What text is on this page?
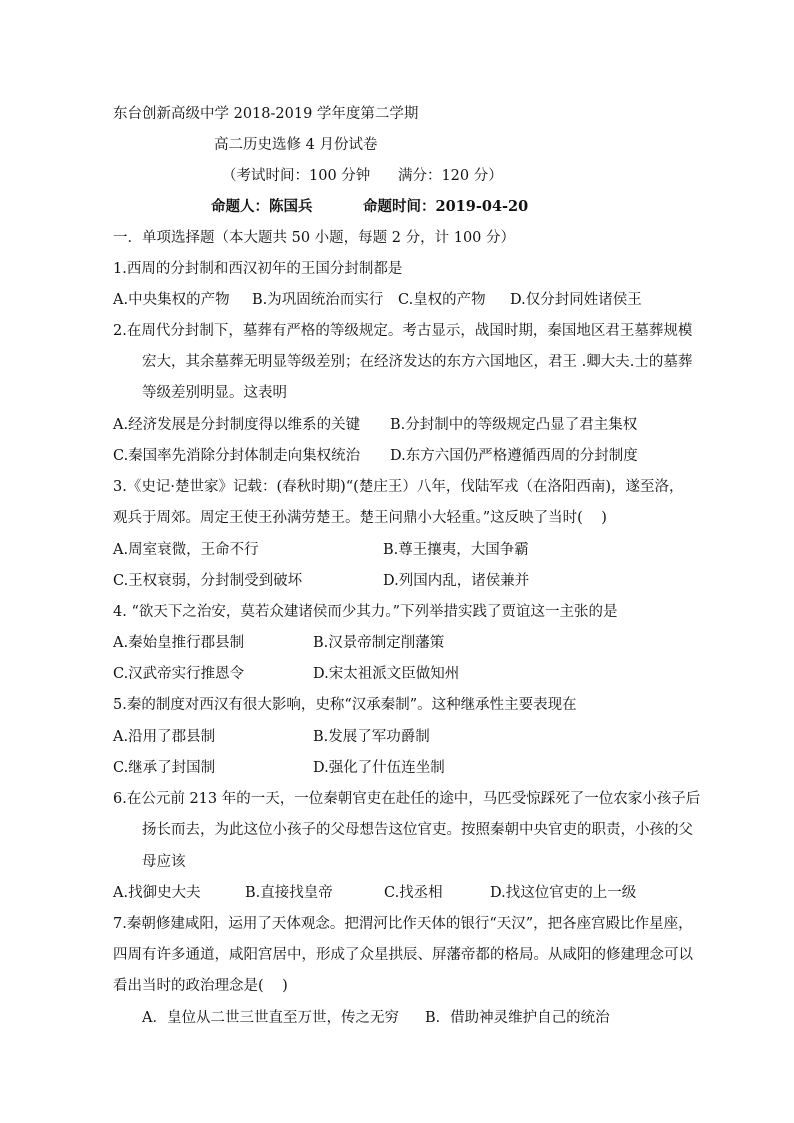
东台创新高级中学 2018-2019 学年度第二学期
高二历史选修 4 月份试卷
（考试时间：100 分钟      满分：120 分）
命题人：陈国兵          命题时间：2019-04-20
一．单项选择题（本大题共 50 小题，每题 2 分，计 100 分）
1.西周的分封制和西汉初年的王国分封制都是
A.中央集权的产物 B.为巩固统治而实行 C.皇权的产物 D.仅分封同姓诸侯王
2.在周代分封制下，墓葬有严格的等级规定。考古显示，战国时期，秦国地区君王墓葬规模
宏大，其余墓葬无明显等级差别；在经济发达的东方六国地区，君王 .卿大夫.士的墓葬
等级差别明显。这表明
A.经济发展是分封制度得以维系的关键 B.分封制中的等级规定凸显了君主集权
C.秦国率先消除分封体制走向集权统治 D.东方六国仍严格遵循西周的分封制度
3.《史记·楚世家》记载：(春秋时期)“(楚庄王）八年，伐陆军戎（在洛阳西南)，遂至洛，
观兵于周郊。周定王使王孙满劳楚王。楚王问鼎小大轻重。”这反映了当时(    )
A.周室衰微，王命不行	B.尊王攘夷，大国争霸
C.王权衰弱，分封制受到破坏	D.列国内乱，诸侯兼并
4. “欲天下之治安，莫若众建诸侯而少其力。”下列举措实践了贾谊这一主张的是
A.秦始皇推行郡县制	B.汉景帝制定削藩策
C.汉武帝实行推恩令	D.宋太祖派文臣做知州
5.秦的制度对西汉有很大影响，史称“汉承秦制”。这种继承性主要表现在
A.沿用了郡县制	B.发展了军功爵制
C.继承了封国制	D.强化了什伍连坐制
6.在公元前 213 年的一天，一位秦朝官吏在赴任的途中，马匹受惊踩死了一位农家小孩子后
扬长而去，为此这位小孩子的父母想告这位官吏。按照秦朝中央官吏的职责，小孩的父
母应该
A.找御史大夫	B.直接找皇帝	C.找丞相	D.找这位官吏的上一级
7.秦朝修建咸阳，运用了天体观念。把渭河比作天体的银行“天汉”，把各座宫殿比作星座，
四周有许多通道，咸阳宫居中，形成了众星拱辰、屏藩帝都的格局。从咸阳的修建理念可以
看出当时的政治理念是(    )
A．皇位从二世三世直至万世，传之无穷 B．借助神灵维护自己的统治
